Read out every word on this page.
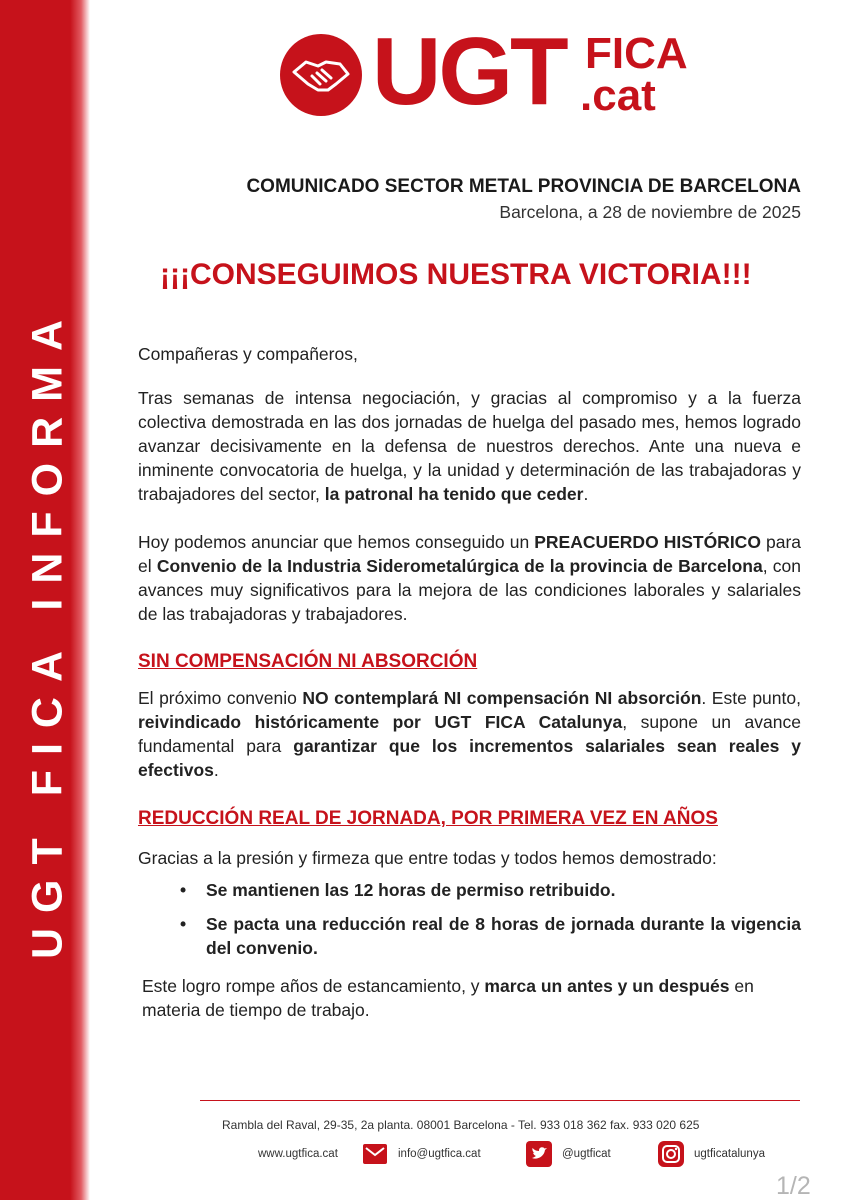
UGT FICA INFORMA
UGT FICA
.cat
COMUNICADO SECTOR METAL PROVINCIA DE BARCELONA
Barcelona, a 28 de noviembre de 2025
¡¡¡CONSEGUIMOS NUESTRA VICTORIA!!!

Compañeras y compañeros,

Tras semanas de intensa negociación, y gracias al compromiso y a la fuerza colectiva demostrada en las dos jornadas de huelga del pasado mes, hemos logrado avanzar decisivamente en la defensa de nuestros derechos. Ante una nueva e inminente convocatoria de huelga, y la unidad y determinación de las trabajadoras y trabajadores del sector, la patronal ha tenido que ceder.

Hoy podemos anunciar que hemos conseguido un PREACUERDO HISTÓRICO para el Convenio de la Industria Siderometalúrgica de la provincia de Barcelona, con avances muy significativos para la mejora de las condiciones laborales y salariales de las trabajadoras y trabajadores.

SIN COMPENSACIÓN NI ABSORCIÓN

El próximo convenio NO contemplará NI compensación NI absorción. Este punto, reivindicado históricamente por UGT FICA Catalunya, supone un avance fundamental para garantizar que los incrementos salariales sean reales y efectivos.

REDUCCIÓN REAL DE JORNADA, POR PRIMERA VEZ EN AÑOS

Gracias a la presión y firmeza que entre todas y todos hemos demostrado:

• Se mantienen las 12 horas de permiso retribuido.
• Se pacta una reducción real de 8 horas de jornada durante la vigencia del convenio.

Este logro rompe años de estancamiento, y marca un antes y un después en materia de tiempo de trabajo.

Rambla del Raval, 29-35, 2a planta. 08001 Barcelona - Tel. 933 018 362 fax. 933 020 625
www.ugtfica.cat	info@ugtfica.cat	@ugtficat	ugtficatalunya
1/2
